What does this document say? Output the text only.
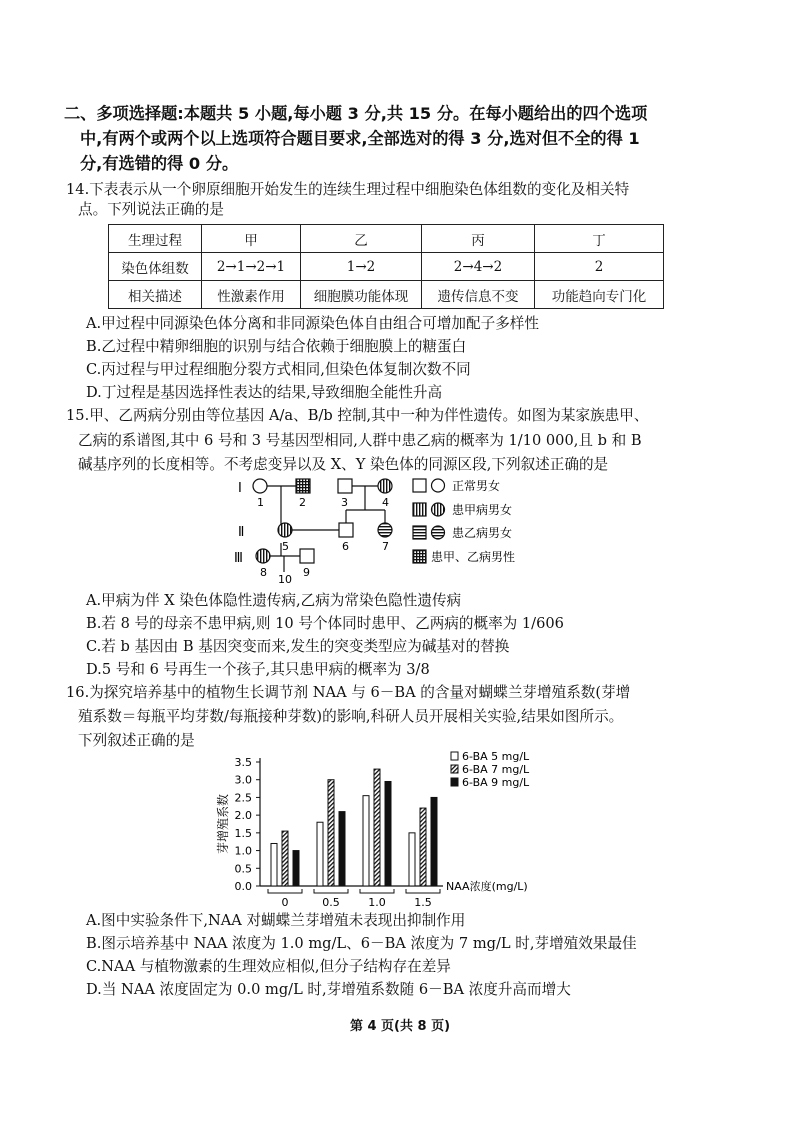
二、多项选择题:本题共 5 小题,每小题 3 分,共 15 分。在每小题给出的四个选项
中,有两个或两个以上选项符合题目要求,全部选对的得 3 分,选对但不全的得 1
分,有选错的得 0 分。
14.下表表示从一个卵原细胞开始发生的连续生理过程中细胞染色体组数的变化及相关特
点。下列说法正确的是
生理过程	甲	乙	丙	丁
染色体组数	2→1→2→1	1→2	2→4→2	2
相关描述	性激素作用	细胞膜功能体现	遗传信息不变	功能趋向专门化
A.甲过程中同源染色体分离和非同源染色体自由组合可增加配子多样性
B.乙过程中精卵细胞的识别与结合依赖于细胞膜上的糖蛋白
C.丙过程与甲过程细胞分裂方式相同,但染色体复制次数不同
D.丁过程是基因选择性表达的结果,导致细胞全能性升高
15.甲、乙两病分别由等位基因 A/a、B/b 控制,其中一种为伴性遗传。如图为某家族患甲、
乙病的系谱图,其中 6 号和 3 号基因型相同,人群中患乙病的概率为 1/10 000,且 b 和 B
碱基序列的长度相等。不考虑变异以及 X、Y 染色体的同源区段,下列叙述正确的是
I
Ⅱ
Ⅲ
1	2	3	4
5	6	7
8	9
10
正常男女
患甲病男女
患乙病男女
患甲、乙病男性
A.甲病为伴 X 染色体隐性遗传病,乙病为常染色隐性遗传病
B.若 8 号的母亲不患甲病,则 10 号个体同时患甲、乙两病的概率为 1/606
C.若 b 基因由 B 基因突变而来,发生的突变类型应为碱基对的替换
D.5 号和 6 号再生一个孩子,其只患甲病的概率为 3/8
16.为探究培养基中的植物生长调节剂 NAA 与 6－BA 的含量对蝴蝶兰芽增殖系数(芽增
殖系数＝每瓶平均芽数/每瓶接种芽数)的影响,科研人员开展相关实验,结果如图所示。
下列叙述正确的是
0.0
0.5
1.0
1.5
2.0
2.5
3.0
3.5
芽增殖系数
NAA浓度(mg/L)
0	0.5	1.0	1.5
6-BA 5 mg/L
6-BA 7 mg/L
6-BA 9 mg/L
A.图中实验条件下,NAA 对蝴蝶兰芽增殖未表现出抑制作用
B.图示培养基中 NAA 浓度为 1.0 mg/L、6－BA 浓度为 7 mg/L 时,芽增殖效果最佳
C.NAA 与植物激素的生理效应相似,但分子结构存在差异
D.当 NAA 浓度固定为 0.0 mg/L 时,芽增殖系数随 6－BA 浓度升高而增大
第 4 页(共 8 页)
